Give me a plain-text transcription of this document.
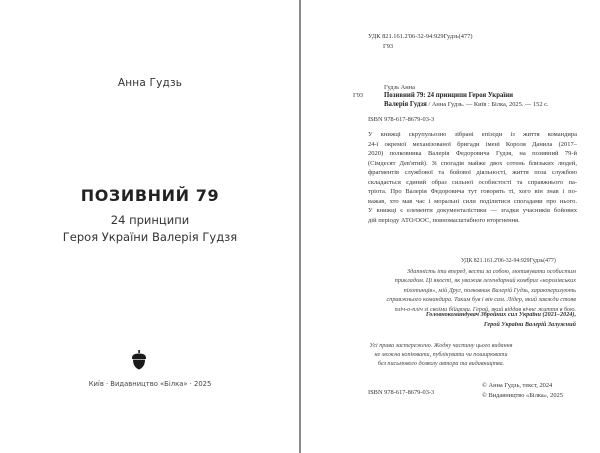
Анна Гудзь
ПОЗИВНИЙ 79
24 принципи
Героя України Валерія Гудзя
Київ · Видавництво «Білка» · 2025
УДК 821.161.2'06-32-94:929Гудзь(477)
Г93
Гудзь Анна
Г93	Позивний 79: 24 принципи Героя України
Валерія Гудзя / Анна Гудзь. — Київ : Білка, 2025. — 152 с.
ISBN 978-617-8679-03-3
У книжці скрупульозно зібрані епізоди із життя командира
24-ї окремої механізованої бригади імені Короля Данила (2017–
2020) полковника Валерія Федоровича Гудзя, на позивний 79-й
(Сімдесят Дев'ятий). Зі спогадів майже двох сотень близьких людей,
фрагментів службової та бойової діяльності, життя поза службою
складається єдиний образ сильної особистості та справжнього па-
тріота. Про Валерія Федоровича тут говорять ті, хого він знав і по-
важав, хто мав час і моральні сили поділитися спогадами про нього.
У книжці є елементи документалістики — згадки учасників бойових
дій періоду АТО/ООС, повномасштабного вторгнення.
УДК 821.161.2'06-32-94:929Гудзь(477)
Здатність іти вперед, вести за собою, мотивувати особистим
прикладом. Ці якості, як уважав легендарний комбриг «королівських
піхотинців», мій Друг, полковник Валерій Гудзь, характеризують
справжнього командира. Таким був і він сам. Лідер, який завжди стояв
пліч-о-пліч зі своїми бійцями. Герой, який віддав вічне життя в бою.
Головнокомандувач Збройних сил України (2021–2024),
Герой України Валерій Залужний
Усі права застережено. Жодну частину цього видання
не можна копіювати, публікувати чи поширювати
без письмового дозволу автора та видавництва.
ISBN 978-617-8679-03-3
© Анна Гудзь, текст, 2024
© Видавництво «Білка», 2025
